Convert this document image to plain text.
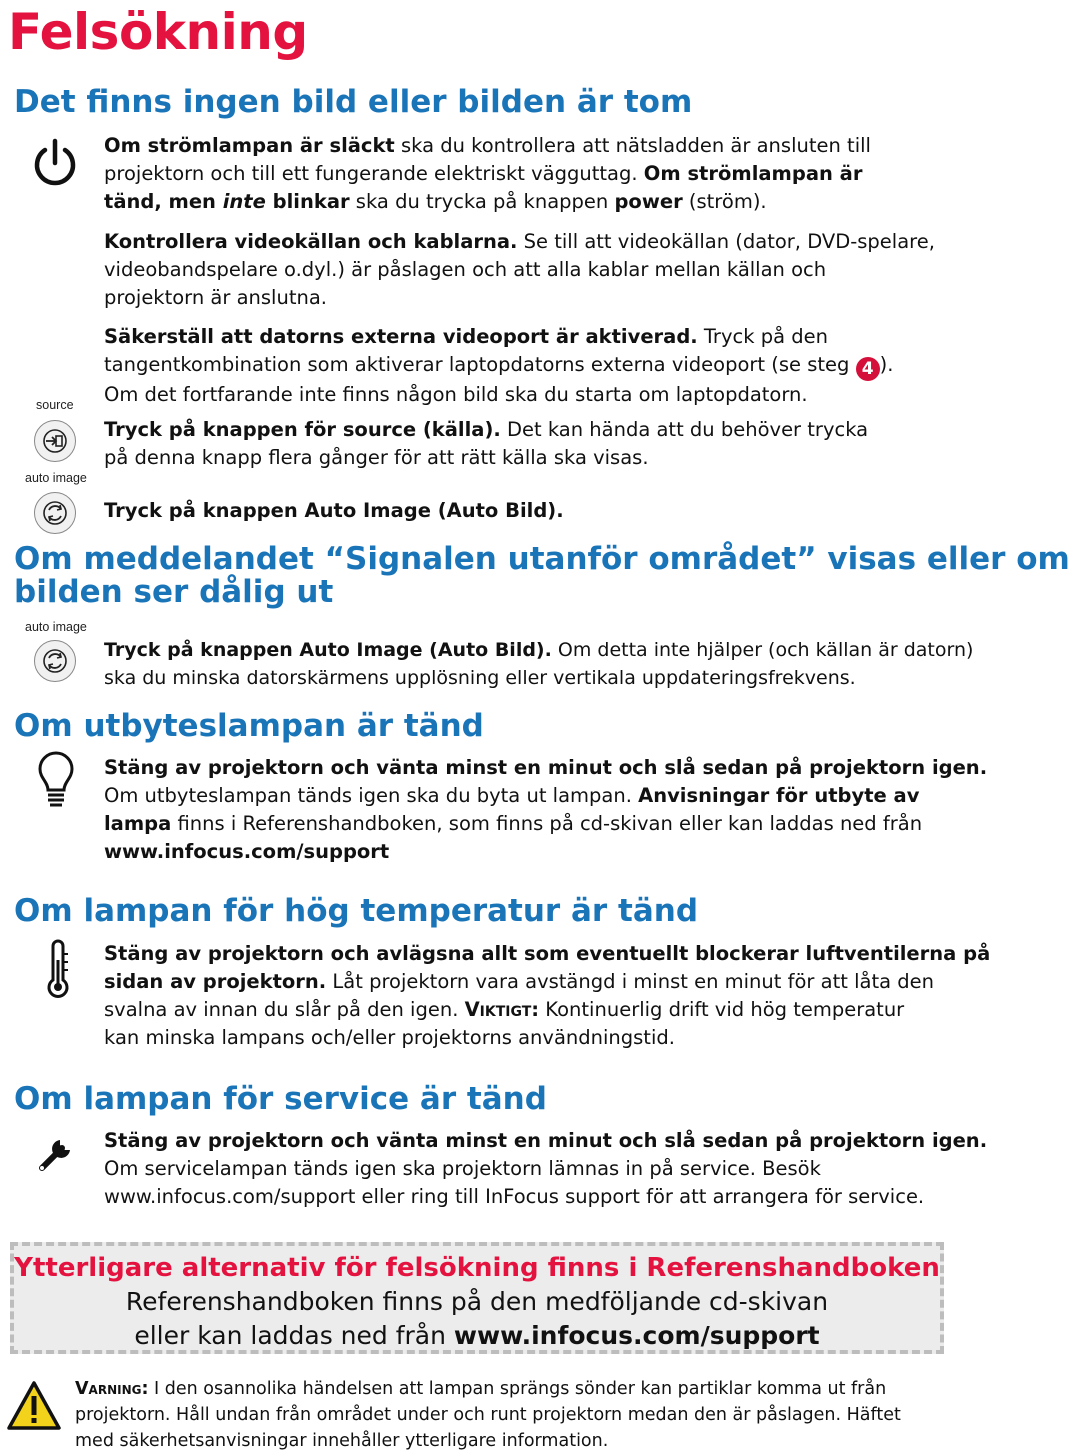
Felsökning
Det finns ingen bild eller bilden är tom
Om strömlampan är släckt ska du kontrollera att nätsladden är ansluten till
projektorn och till ett fungerande elektriskt vägguttag. Om strömlampan är
tänd, men inte blinkar ska du trycka på knappen power (ström).
Kontrollera videokällan och kablarna. Se till att videokällan (dator, DVD-spelare,
videobandspelare o.dyl.) är påslagen och att alla kablar mellan källan och
projektorn är anslutna.
Säkerställ att datorns externa videoport är aktiverad. Tryck på den
tangentkombination som aktiverar laptopdatorns externa videoport (se steg 4 ).
Om det fortfarande inte finns någon bild ska du starta om laptopdatorn.
source
auto image
Tryck på knappen för source (källa). Det kan hända att du behöver trycka
på denna knapp flera gånger för att rätt källa ska visas.
Tryck på knappen Auto Image (Auto Bild).
Om meddelandet “Signalen utanför området” visas eller om
bilden ser dålig ut
auto image
Tryck på knappen Auto Image (Auto Bild). Om detta inte hjälper (och källan är datorn)
ska du minska datorskärmens upplösning eller vertikala uppdateringsfrekvens.
Om utbyteslampan är tänd
Stäng av projektorn och vänta minst en minut och slå sedan på projektorn igen.
Om utbyteslampan tänds igen ska du byta ut lampan. Anvisningar för utbyte av
lampa finns i Referenshandboken, som finns på cd-skivan eller kan laddas ned från
www.infocus.com/support
Om lampan för hög temperatur är tänd
Stäng av projektorn och avlägsna allt som eventuellt blockerar luftventilerna på
sidan av projektorn. Låt projektorn vara avstängd i minst en minut för att låta den
svalna av innan du slår på den igen. Viktigt: Kontinuerlig drift vid hög temperatur
kan minska lampans och/eller projektorns användningstid.
Om lampan för service är tänd
Stäng av projektorn och vänta minst en minut och slå sedan på projektorn igen.
Om servicelampan tänds igen ska projektorn lämnas in på service. Besök
www.infocus.com/support eller ring till InFocus support för att arrangera för service.
Ytterligare alternativ för felsökning finns i Referenshandboken
Referenshandboken finns på den medföljande cd-skivan
eller kan laddas ned från www.infocus.com/support
Varning: I den osannolika händelsen att lampan sprängs sönder kan partiklar komma ut från
projektorn. Håll undan från området under och runt projektorn medan den är påslagen. Häftet
med säkerhetsanvisningar innehåller ytterligare information.
